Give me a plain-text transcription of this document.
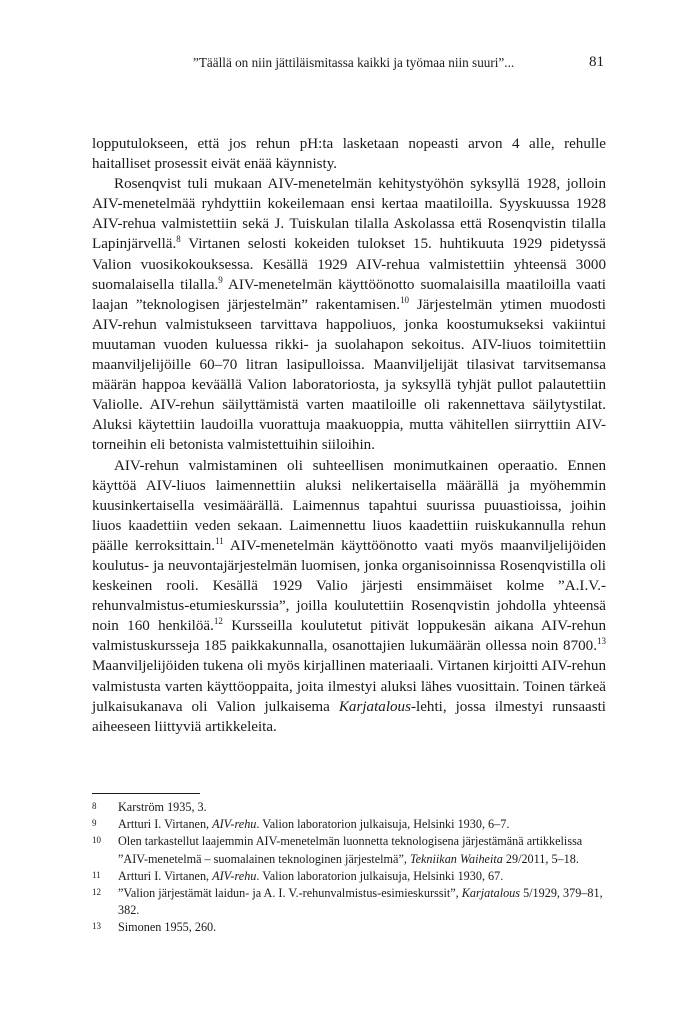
”Täällä on niin jättiläismitassa kaikki ja työmaa niin suuri”...	81

lopputulokseen, että jos rehun pH:ta lasketaan nopeasti arvon 4 alle, rehulle haitalliset prosessit eivät enää käynnisty.

Rosenqvist tuli mukaan AIV-menetelmän kehitystyöhön syksyllä 1928, jolloin AIV-menetelmää ryhdyttiin kokeilemaan ensi kertaa maatiloilla. Syyskuussa 1928 AIV-rehua valmistettiin sekä J. Tuiskulan tilalla Askolassa että Rosenqvistin tilalla Lapinjärvellä.$^8$ Virtanen selosti kokeiden tulokset 15. huhtikuuta 1929 pidetyssä Valion vuosikokouksessa. Kesällä 1929 AIV-rehua valmistettiin yhteensä 3000 suomalaisella tilalla.$^9$ AIV-menetelmän käyttöönotto suomalaisilla maatiloilla vaati laajan ”teknologisen järjestelmän” rakentamisen.$^{10}$ Järjestelmän ytimen muodosti AIV-rehun valmistukseen tarvittava happoliuos, jonka koostumukseksi vakiintui muutaman vuoden kuluessa rikki- ja suolahapon sekoitus. AIV-liuos toimitettiin maanviljelijöille 60–70 litran lasipulloissa. Maanviljelijät tilasivat tarvitsemansa määrän happoa keväällä Valion laboratoriosta, ja syksyllä tyhjät pullot palautettiin Valiolle. AIV-rehun säilyttämistä varten maatiloille oli rakennettava säilytystilat. Aluksi käytettiin laudoilla vuorattuja maakuoppia, mutta vähitellen siirryttiin AIV-torneihin eli betonista valmistettuihin siiloihin.

AIV-rehun valmistaminen oli suhteellisen monimutkainen operaatio. Ennen käyttöä AIV-liuos laimennettiin aluksi nelikertaisella määrällä ja myöhemmin kuusinkertaisella vesimäärällä. Laimennus tapahtui suurissa puuastioissa, joihin liuos kaadettiin veden sekaan. Laimennettu liuos kaadettiin ruiskukannulla rehun päälle kerroksittain.$^{11}$ AIV-menetelmän käyttöönotto vaati myös maanviljelijöiden koulutus- ja neuvontajärjestelmän luomisen, jonka organisoinnissa Rosenqvistilla oli keskeinen rooli. Kesällä 1929 Valio järjesti ensimmäiset kolme ”A.I.V.-rehunvalmistus-etumieskurssia”, joilla koulutettiin Rosenqvistin johdolla yhteensä noin 160 henkilöä.$^{12}$ Kursseilla koulutetut pitivät loppukesän aikana AIV-rehun valmistuskursseja 185 paikkakunnalla, osanottajien lukumäärän ollessa noin 8700.13 Maanviljelijöiden tukena oli myös kirjallinen materiaali. Virtanen kirjoitti AIV-rehun valmistusta varten käyttöoppaita, joita ilmestyi aluksi lähes vuosittain. Toinen tärkeä julkaisukanava oli Valion julkaisema Karjatalous-lehti, jossa ilmestyi runsaasti aiheeseen liittyviä artikkeleita.

8	Karström 1935, 3.
9	Artturi I. Virtanen, AIV-rehu. Valion laboratorion julkaisuja, Helsinki 1930, 6–7.
10	Olen tarkastellut laajemmin AIV-menetelmän luonnetta teknologisena järjestämänä artikkelissa ”AIV-menetelmä – suomalainen teknologinen järjestelmä”, Tekniikan Waiheita 29/2011, 5–18.
11	Artturi I. Virtanen, AIV-rehu. Valion laboratorion julkaisuja, Helsinki 1930, 67.
12	”Valion järjestämät laidun- ja A. I. V.-rehunvalmistus-esimieskurssit”, Karjatalous 5/1929, 379–81, 382.
13	Simonen 1955, 260.
